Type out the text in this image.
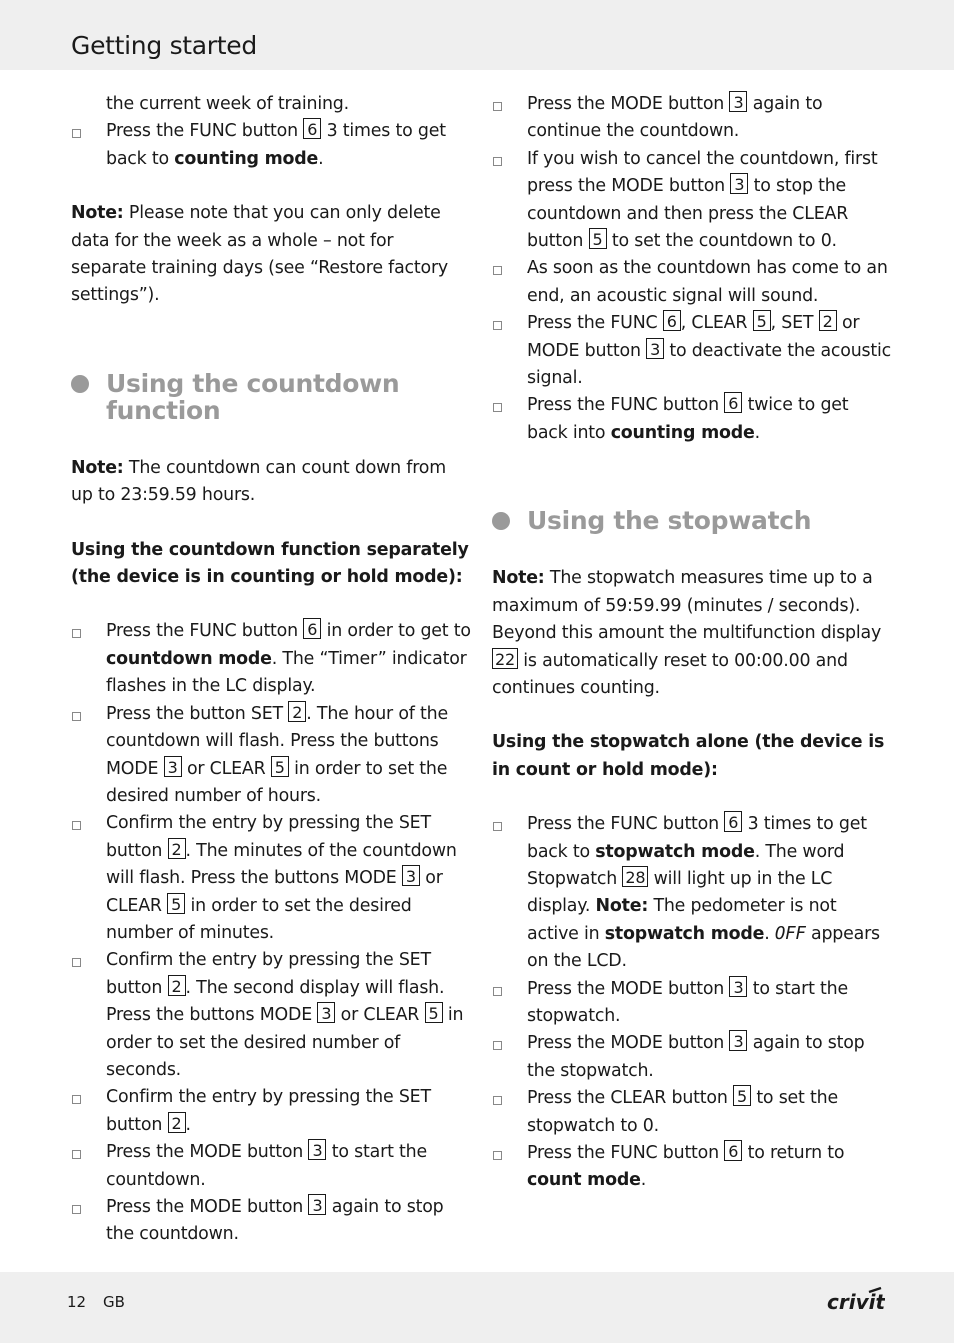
Getting started

the current week of training.

Press the FUNC button 6 3 times to get back to counting mode.

Note: Please note that you can only delete data for the week as a whole – not for separate training days (see “Restore factory settings”).

Using the countdown function

Note: The countdown can count down from up to 23:59.59 hours.

Using the countdown function separately (the device is in counting or hold mode):

Press the FUNC button 6 in order to get to countdown mode. The “Timer” indicator flashes in the LC display.

Press the button SET 2 . The hour of the countdown will flash. Press the buttons MODE 3 or CLEAR 5 in order to set the desired number of hours.

Confirm the entry by pressing the SET button 2 . The minutes of the countdown will flash. Press the buttons MODE 3 or CLEAR 5 in order to set the desired number of minutes.

Confirm the entry by pressing the SET button 2 . The second display will flash. Press the buttons MODE 3 or CLEAR 5 in order to set the desired number of seconds.

Confirm the entry by pressing the SET button 2 .

Press the MODE button 3 to start the countdown.

Press the MODE button 3 again to stop the countdown.

Press the MODE button 3 again to continue the countdown.

If you wish to cancel the countdown, first press the MODE button 3 to stop the countdown and then press the CLEAR button 5 to set the countdown to 0.

As soon as the countdown has come to an end, an acoustic signal will sound.

Press the FUNC 6 , CLEAR 5 , SET 2 or MODE button 3 to deactivate the acoustic signal.

Press the FUNC button 6 twice to get back into counting mode.

Using the stopwatch

Note: The stopwatch measures time up to a maximum of 59:59.99 (minutes / seconds). Beyond this amount the multifunction display 22 is automatically reset to 00:00.00 and continues counting.

Using the stopwatch alone (the device is in count or hold mode):

Press the FUNC button 6 3 times to get back to stopwatch mode. The word Stopwatch 28 will light up in the LC display. Note: The pedometer is not active in stopwatch mode. OFF appears on the LCD.

Press the MODE button 3 to start the stopwatch.

Press the MODE button 3 again to stop the stopwatch.

Press the CLEAR button 5 to set the stopwatch to 0.

Press the FUNC button 6 to return to count mode.

12 GB	crivit
